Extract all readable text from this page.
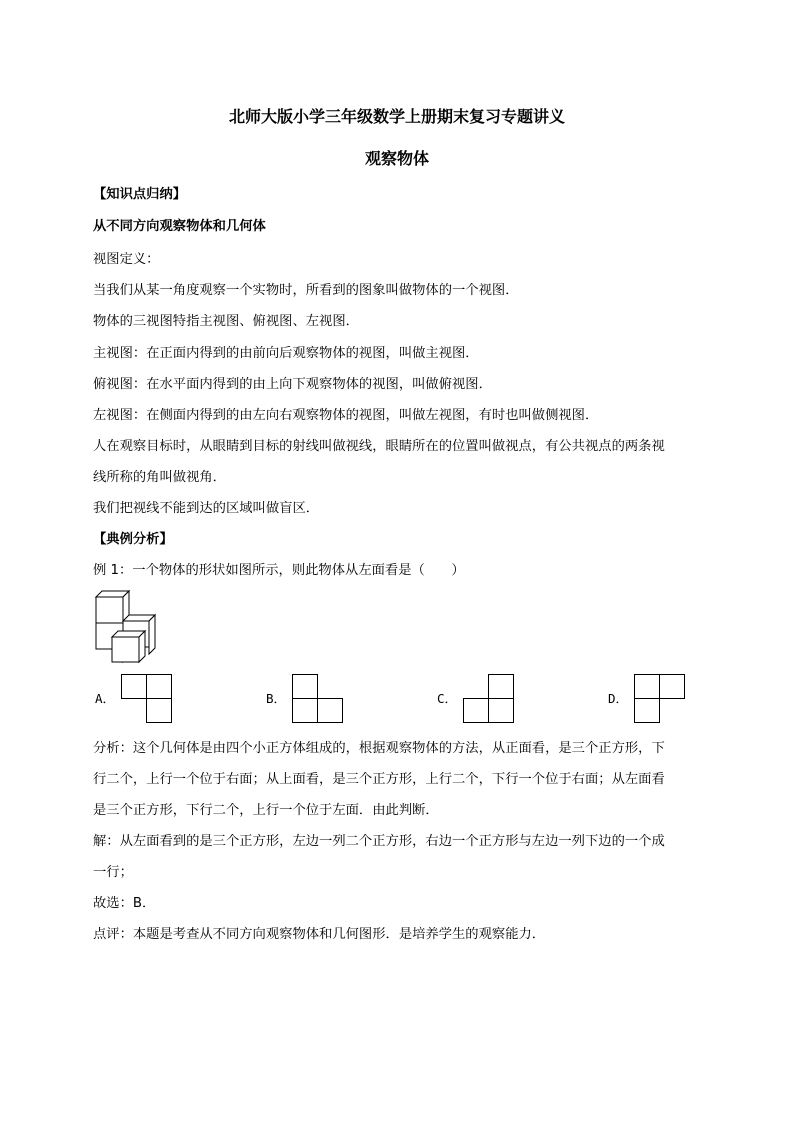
北师大版小学三年级数学上册期末复习专题讲义
观察物体
【知识点归纳】
从不同方向观察物体和几何体
视图定义：
当我们从某一角度观察一个实物时，所看到的图象叫做物体的一个视图．
物体的三视图特指主视图、俯视图、左视图．
主视图：在正面内得到的由前向后观察物体的视图，叫做主视图．
俯视图：在水平面内得到的由上向下观察物体的视图，叫做俯视图．
左视图：在侧面内得到的由左向右观察物体的视图，叫做左视图，有时也叫做侧视图．
人在观察目标时，从眼睛到目标的射线叫做视线，眼睛所在的位置叫做视点，有公共视点的两条视
线所称的角叫做视角．
我们把视线不能到达的区域叫做盲区．
【典例分析】
例 1：一个物体的形状如图所示，则此物体从左面看是（　　）
A．	B．	C．	D．
分析：这个几何体是由四个小正方体组成的，根据观察物体的方法，从正面看，是三个正方形，下
行二个，上行一个位于右面；从上面看，是三个正方形，上行二个，下行一个位于右面；从左面看
是三个正方形，下行二个，上行一个位于左面．由此判断．
解：从左面看到的是三个正方形，左边一列二个正方形，右边一个正方形与左边一列下边的一个成
一行；
故选：B．
点评：本题是考查从不同方向观察物体和几何图形．是培养学生的观察能力．
